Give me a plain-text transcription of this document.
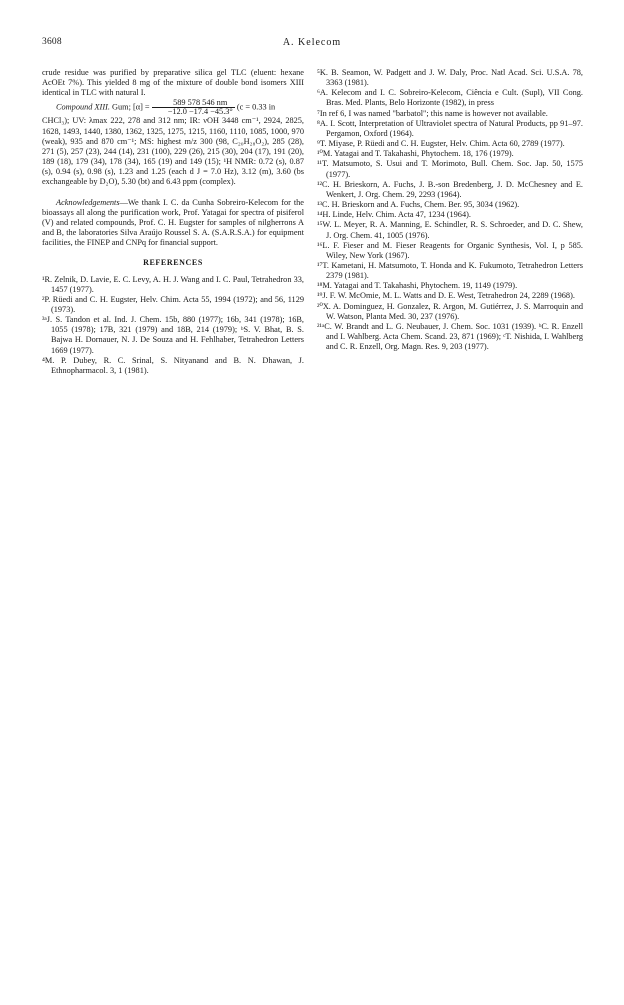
3608	A. Kelecom

crude residue was purified by preparative silica gel TLC (eluent: hexane AcOEt 7%). This yielded 8 mg of the mixture of double bond isomers XIII identical in TLC with natural I.

Compound XIII. Gum; $[\alpha] = \frac{589 578 546 nm}{-12.0 -17.4 -45.3^\circ} (c = 0.33$ in

CHCl₃); UV: λmax 222, 278 and 312 nm; IR: νOH 3448 cm⁻¹, 2924, 2825, 1628, 1493, 1440, 1380, 1362, 1325, 1275, 1215, 1160, 1110, 1085, 1000, 970 (weak), 935 and 870 cm⁻¹; MS: highest m/z 300 (98, C₂₀H₂₈O₂), 285 (28), 271 (5), 257 (23), 244 (14), 231 (100), 229 (26), 215 (30), 204 (17), 191 (20), 189 (18), 179 (34), 178 (34), 165 (19) and 149 (15); ¹H NMR: 0.72 (s), 0.87 (s), 0.94 (s), 0.98 (s), 1.23 and 1.25 (each d J = 7.0 Hz), 3.12 (m), 3.60 (bs exchangeable by D₂O), 5.30 (bt) and 6.43 ppm (complex).

Acknowledgements—We thank I. C. da Cunha Sobreiro-Kelecom for the bioassays all along the purification work, Prof. Yatagai for spectra of pisiferol (V) and related compounds, Prof. C. H. Eugster for samples of nilgherrons A and B, the laboratories Silva Araújo Roussel S. A. (S.A.R.S.A.) for equipment facilities, the FINEP and CNPq for financial support.

REFERENCES

¹R. Zelnik, D. Lavie, E. C. Levy, A. H. J. Wang and I. C. Paul, Tetrahedron 33, 1457 (1977).

²P. Rüedi and C. H. Eugster, Helv. Chim. Acta 55, 1994 (1972); and 56, 1129 (1973).

³ᵃJ. S. Tandon et al. Ind. J. Chem. 15b, 880 (1977); 16b, 341 (1978); 16B, 1055 (1978); 17B, 321 (1979) and 18B, 214 (1979); ᵇS. V. Bhat, B. S. Bajwa H. Dornauer, N. J. De Souza and H. Fehlhaber, Tetrahedron Letters 1669 (1977).

⁴M. P. Dubey, R. C. Srinal, S. Nityanand and B. N. Dhawan, J. Ethnopharmacol. 3, 1 (1981).

⁵K. B. Seamon, W. Padgett and J. W. Daly, Proc. Natl Acad. Sci. U.S.A. 78, 3363 (1981).

⁶A. Kelecom and I. C. Sobreiro-Kelecom, Ciência e Cult. (Supl), VII Cong. Bras. Med. Plants, Belo Horizonte (1982), in press

⁷In ref 6, I was named "barbatol"; this name is however not available.

⁸A. I. Scott, Interpretation of Ultraviolet spectra of Natural Products, pp 91–97. Pergamon, Oxford (1964).

⁹T. Miyase, P. Rüedi and C. H. Eugster, Helv. Chim. Acta 60, 2789 (1977).

¹⁰M. Yatagai and T. Takahashi, Phytochem. 18, 176 (1979).

¹¹T. Matsumoto, S. Usui and T. Morimoto, Bull. Chem. Soc. Jap. 50, 1575 (1977).

¹²C. H. Brieskorn, A. Fuchs, J. B.-son Bredenberg, J. D. McChesney and E. Wenkert, J. Org. Chem. 29, 2293 (1964).

¹³C. H. Brieskorn and A. Fuchs, Chem. Ber. 95, 3034 (1962).

¹⁴H. Linde, Helv. Chim. Acta 47, 1234 (1964).

¹⁵W. L. Meyer, R. A. Manning, E. Schindler, R. S. Schroeder, and D. C. Shew, J. Org. Chem. 41, 1005 (1976).

¹⁶L. F. Fieser and M. Fieser Reagents for Organic Synthesis, Vol. I, p 585. Wiley, New York (1967).

¹⁷T. Kametani, H. Matsumoto, T. Honda and K. Fukumoto, Tetrahedron Letters 2379 (1981).

¹⁸M. Yatagai and T. Takahashi, Phytochem. 19, 1149 (1979).

¹⁹J. F. W. McOmie, M. L. Watts and D. E. West, Tetrahedron 24, 2289 (1968).

²⁰X. A. Dominguez, H. Gonzalez, R. Argon, M. Gutiérrez, J. S. Marroquin and W. Watson, Planta Med. 30, 237 (1976).

²¹ᵃC. W. Brandt and L. G. Neubauer, J. Chem. Soc. 1031 (1939). ᵇC. R. Enzell and I. Wahlberg. Acta Chem. Scand. 23, 871 (1969); ᶜT. Nishida, I. Wahlberg and C. R. Enzell, Org. Magn. Res. 9, 203 (1977).
